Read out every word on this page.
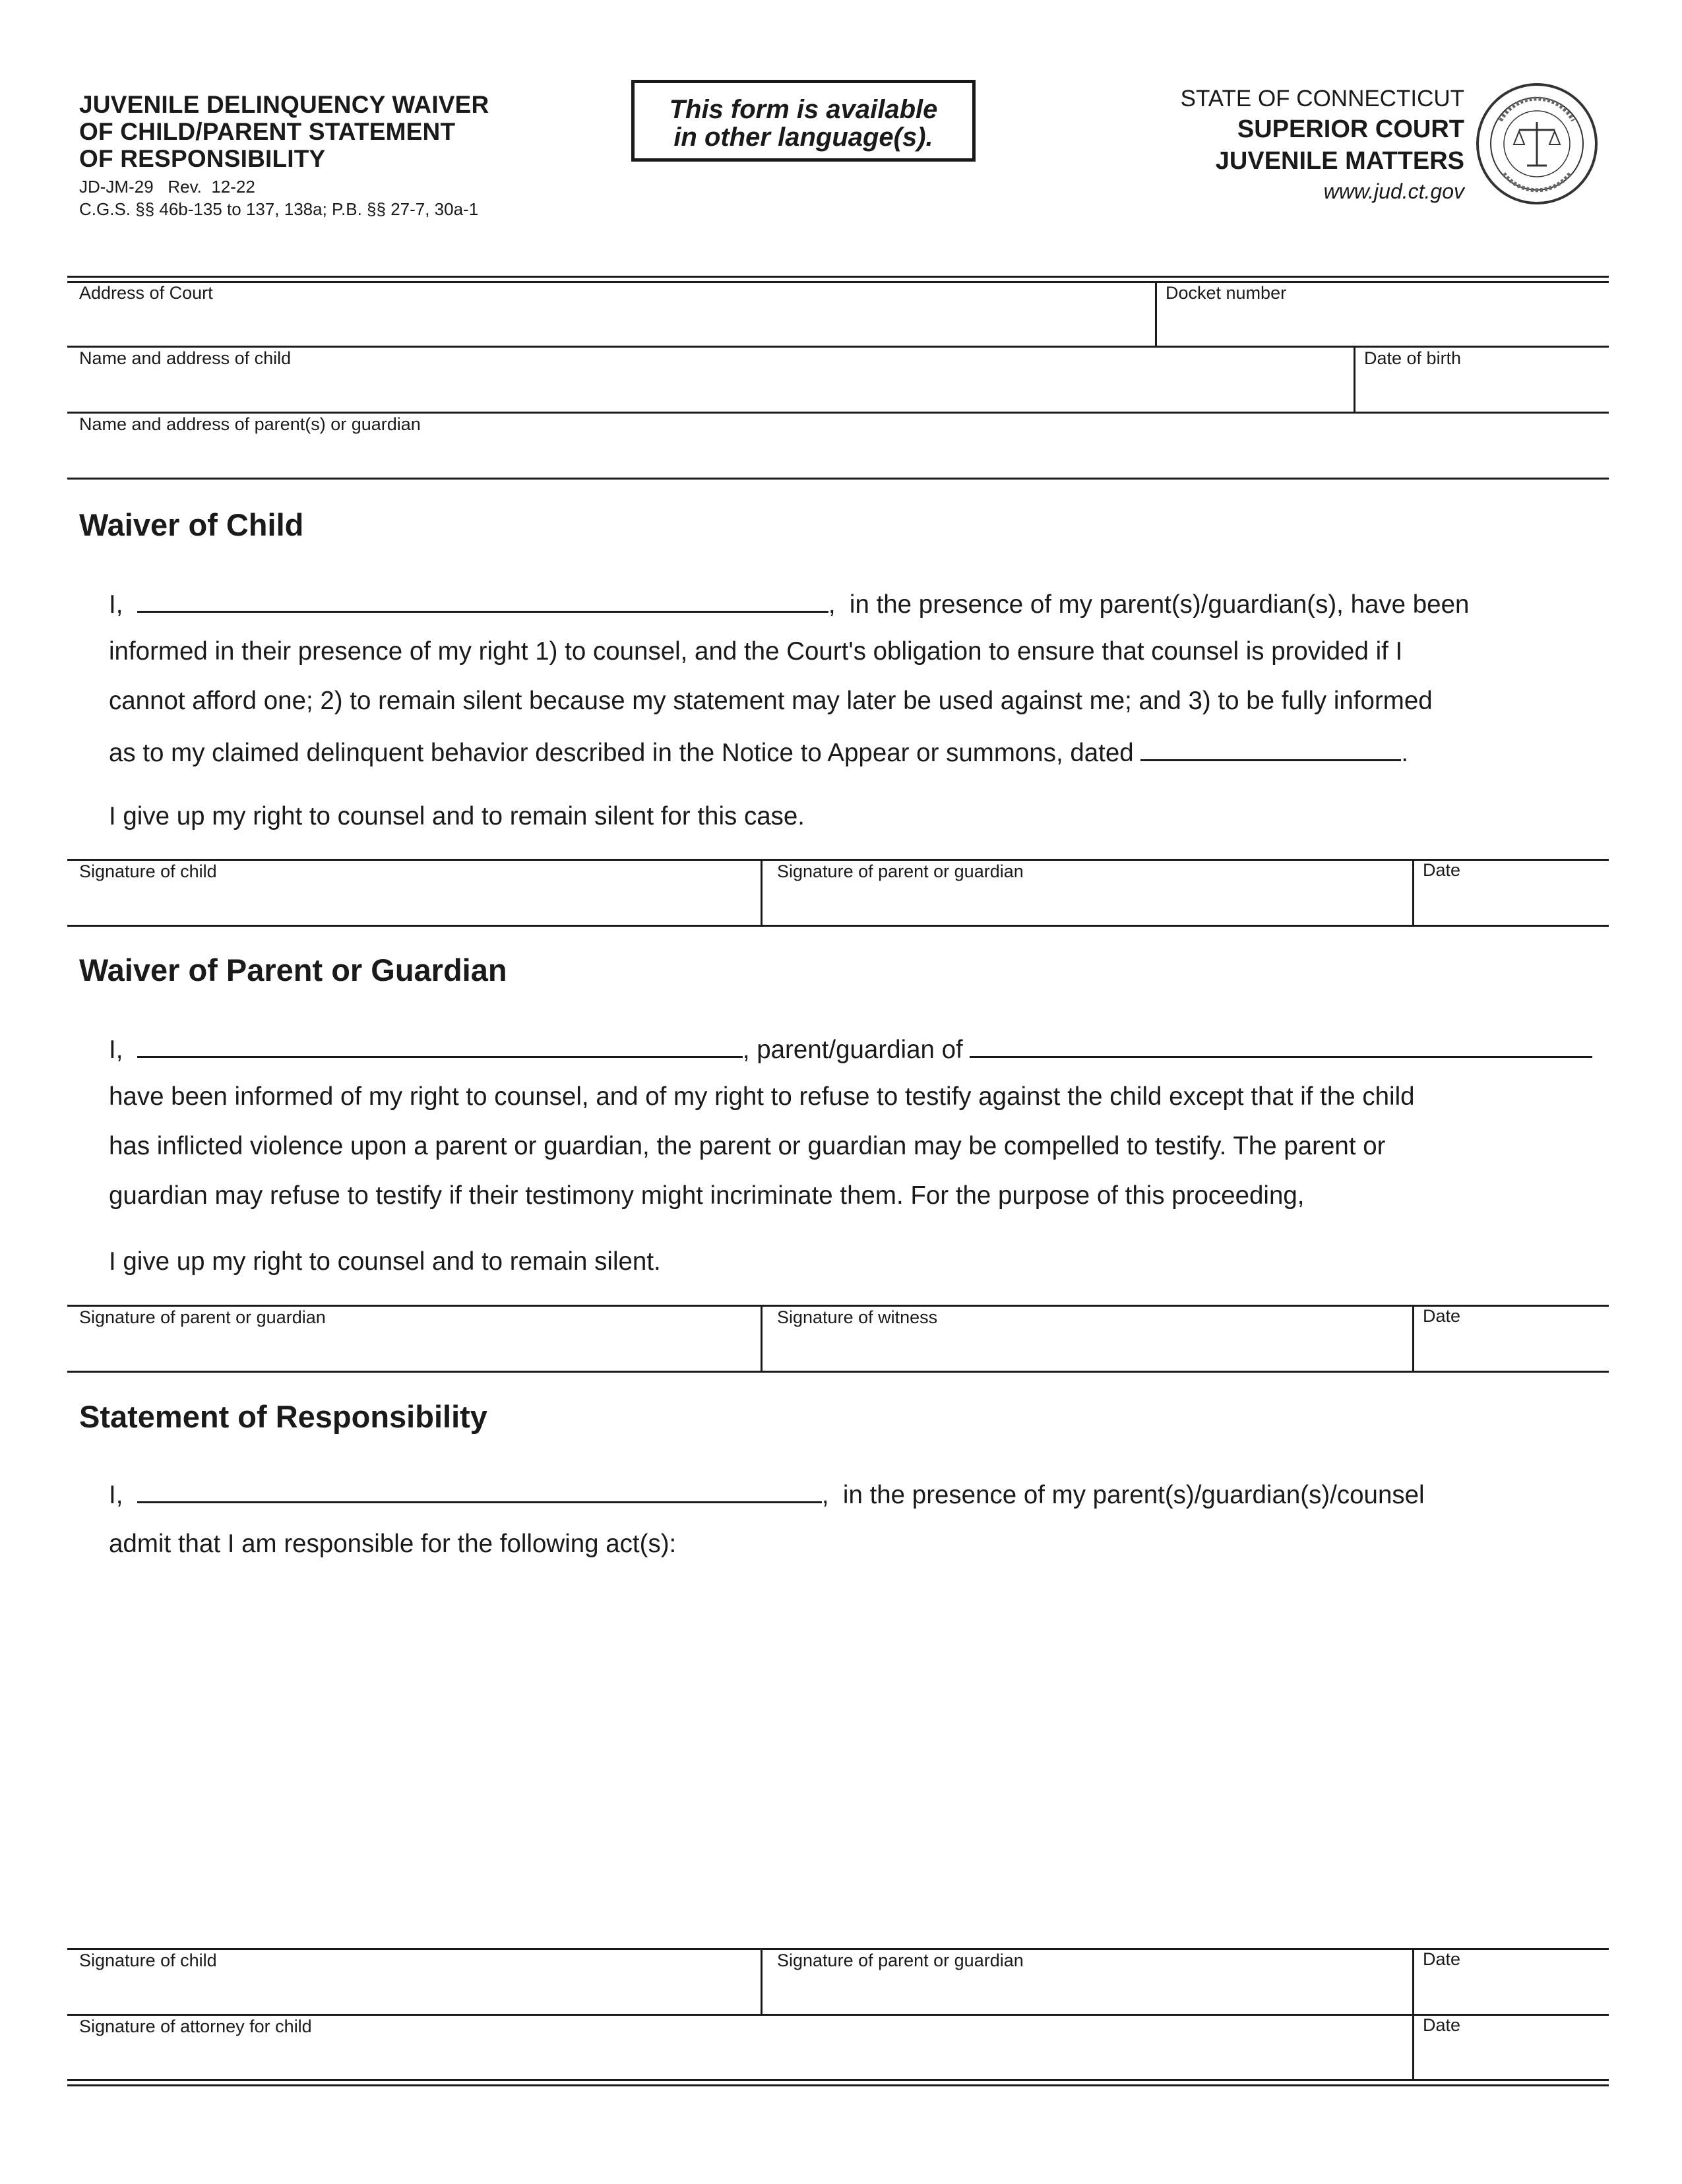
JUVENILE DELINQUENCY WAIVER
OF CHILD/PARENT STATEMENT
OF RESPONSIBILITY
JD-JM-29   Rev.  12-22
C.G.S. §§ 46b-135 to 137, 138a; P.B. §§ 27-7, 30a-1
This form is available
in other language(s).
STATE OF CONNECTICUT
SUPERIOR COURT
JUVENILE MATTERS
www.jud.ct.gov
Address of Court	Docket number
Name and address of child	Date of birth
Name and address of parent(s) or guardian
Waiver of Child
I,	,  in the presence of my parent(s)/guardian(s), have been
informed in their presence of my right 1) to counsel, and the Court's obligation to ensure that counsel is provided if I
cannot afford one; 2) to remain silent because my statement may later be used against me; and 3) to be fully informed
as to my claimed delinquent behavior described in the Notice to Appear or summons, dated	.
I give up my right to counsel and to remain silent for this case.
Signature of child	Signature of parent or guardian	Date
Waiver of Parent or Guardian
I,	, parent/guardian of
have been informed of my right to counsel, and of my right to refuse to testify against the child except that if the child
has inflicted violence upon a parent or guardian, the parent or guardian may be compelled to testify. The parent or
guardian may refuse to testify if their testimony might incriminate them. For the purpose of this proceeding,
I give up my right to counsel and to remain silent.
Signature of parent or guardian	Signature of witness	Date
Statement of Responsibility
I,	,  in the presence of my parent(s)/guardian(s)/counsel
admit that I am responsible for the following act(s):
Signature of child	Signature of parent or guardian	Date
Signature of attorney for child	Date
